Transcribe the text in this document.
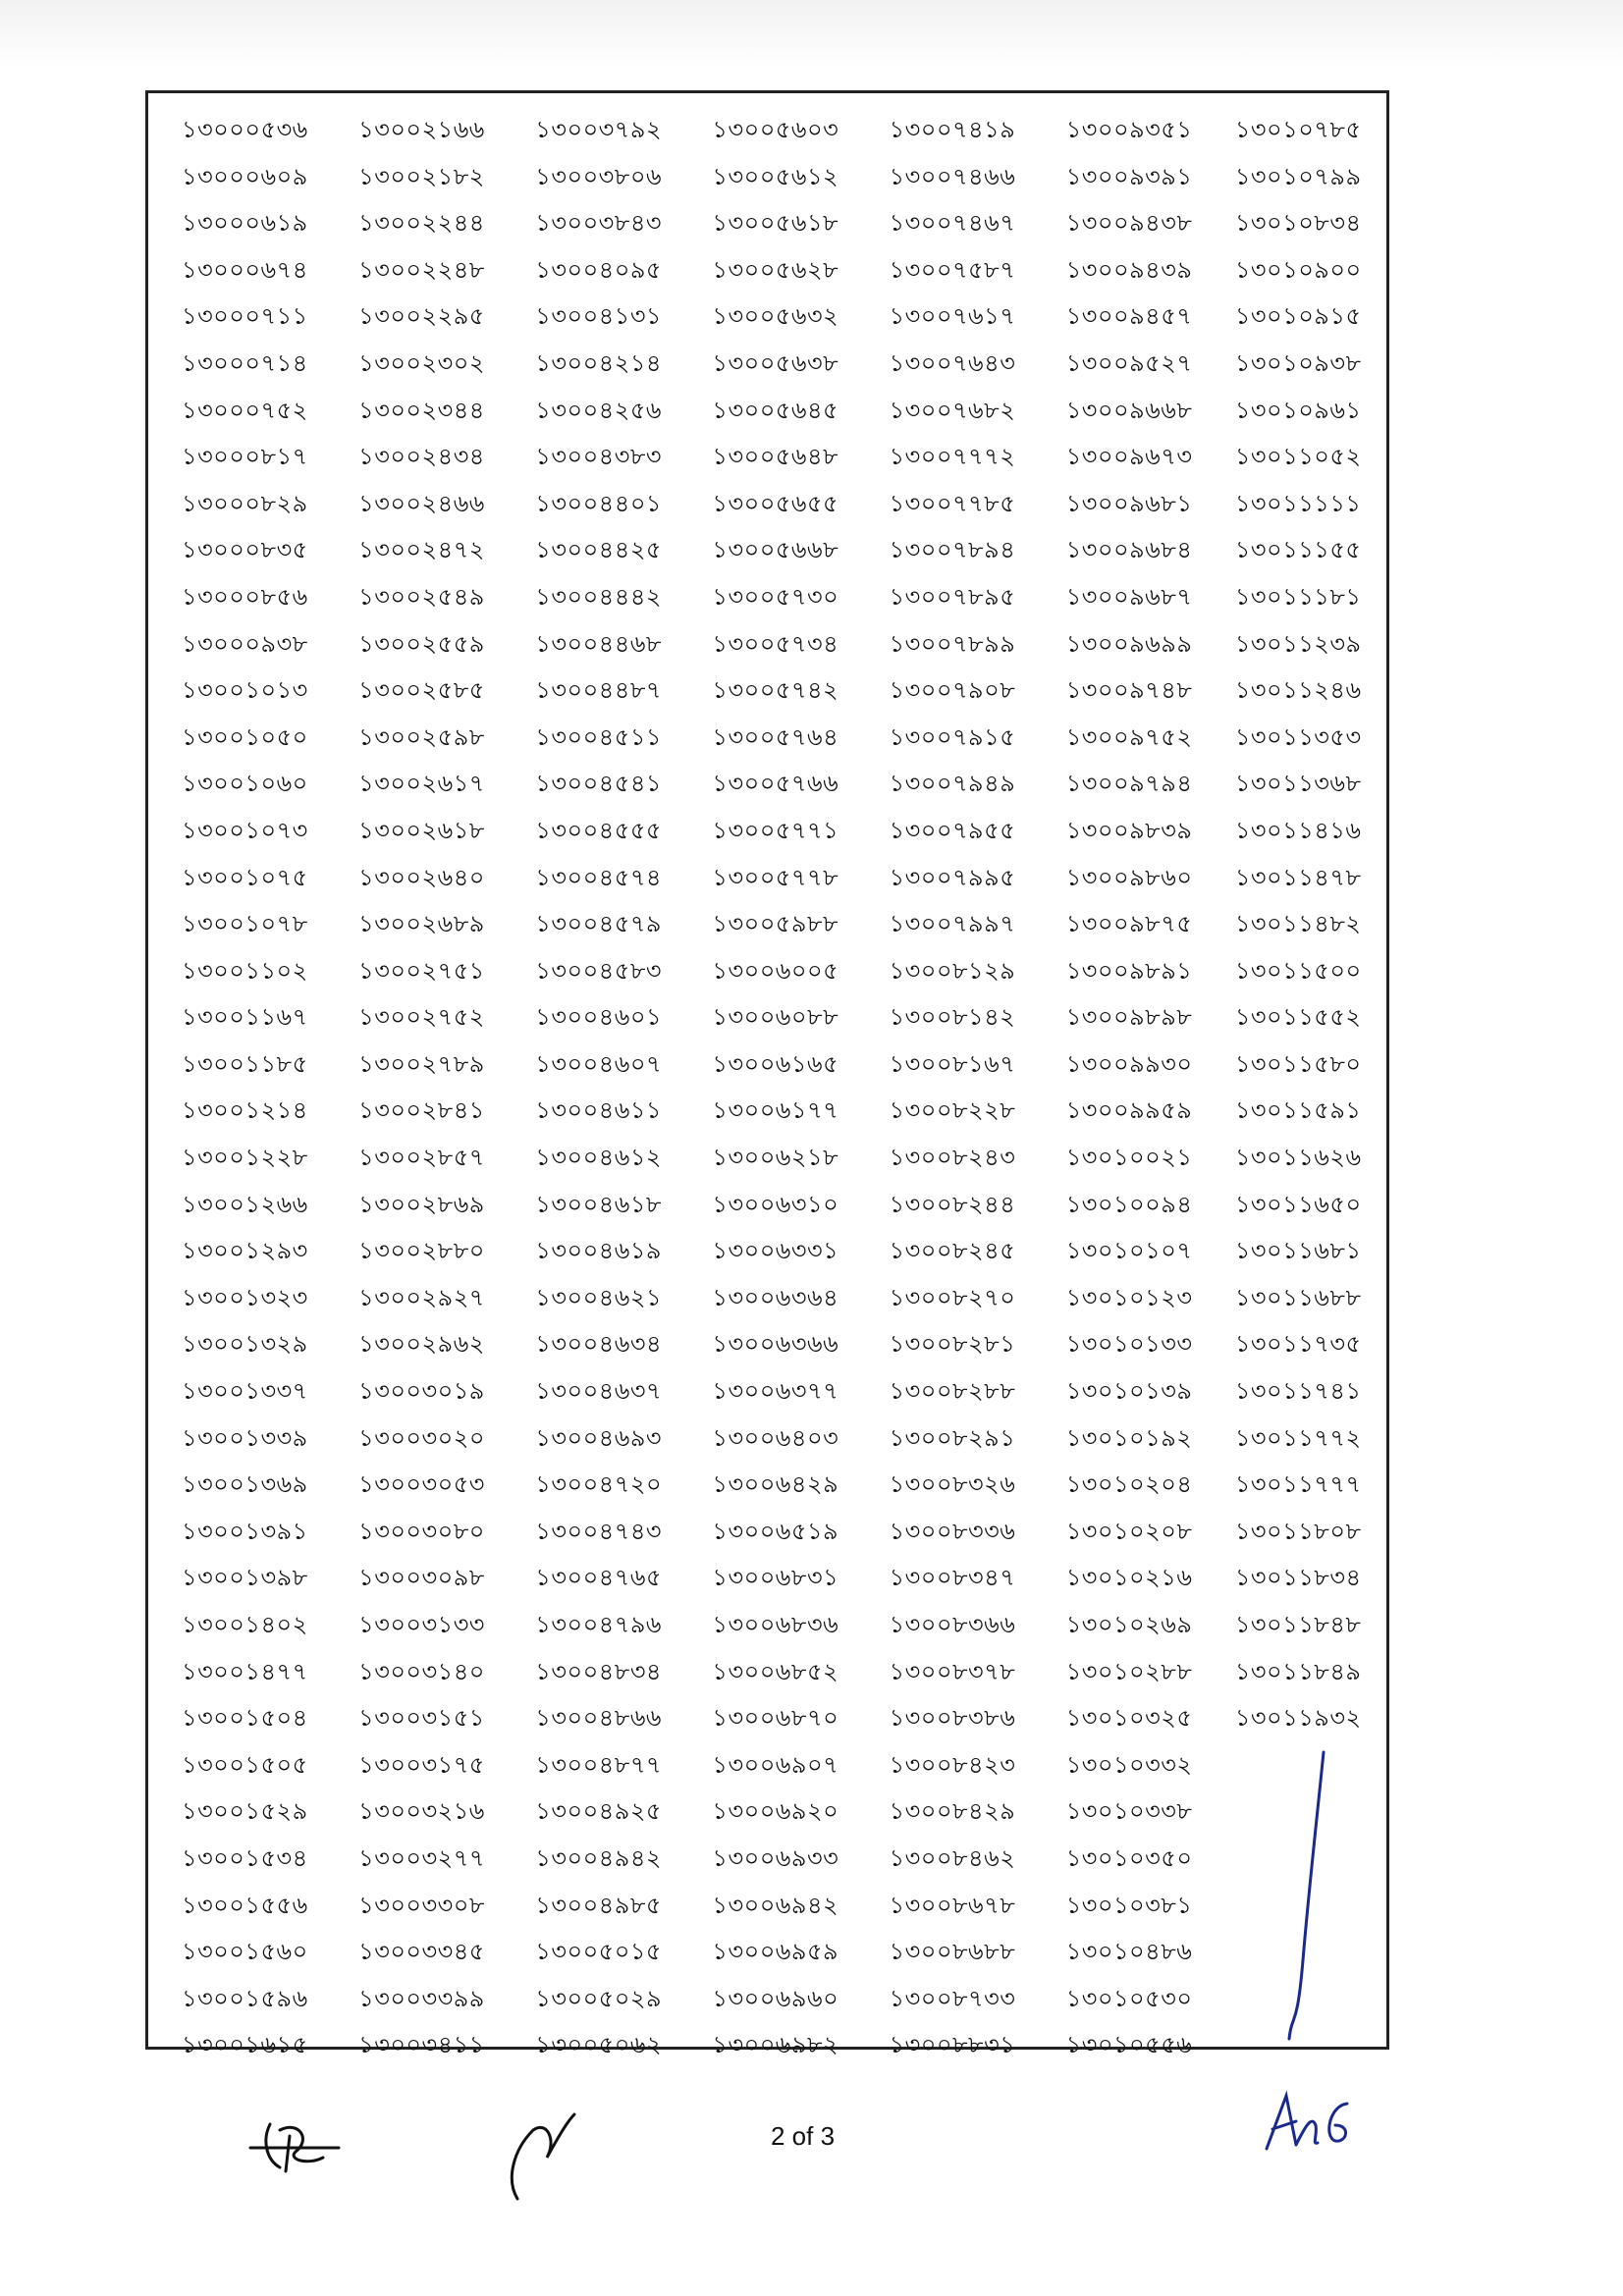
১৩০০০৫৩৬	১৩০০২১৬৬	১৩০০৩৭৯২	১৩০০৫৬০৩	১৩০০৭৪১৯	১৩০০৯৩৫১	১৩০১০৭৮৫
১৩০০০৬০৯	১৩০০২১৮২	১৩০০৩৮০৬	১৩০০৫৬১২	১৩০০৭৪৬৬	১৩০০৯৩৯১	১৩০১০৭৯৯
১৩০০০৬১৯	১৩০০২২৪৪	১৩০০৩৮৪৩	১৩০০৫৬১৮	১৩০০৭৪৬৭	১৩০০৯৪৩৮	১৩০১০৮৩৪
১৩০০০৬৭৪	১৩০০২২৪৮	১৩০০৪০৯৫	১৩০০৫৬২৮	১৩০০৭৫৮৭	১৩০০৯৪৩৯	১৩০১০৯০০
১৩০০০৭১১	১৩০০২২৯৫	১৩০০৪১৩১	১৩০০৫৬৩২	১৩০০৭৬১৭	১৩০০৯৪৫৭	১৩০১০৯১৫
১৩০০০৭১৪	১৩০০২৩০২	১৩০০৪২১৪	১৩০০৫৬৩৮	১৩০০৭৬৪৩	১৩০০৯৫২৭	১৩০১০৯৩৮
১৩০০০৭৫২	১৩০০২৩৪৪	১৩০০৪২৫৬	১৩০০৫৬৪৫	১৩০০৭৬৮২	১৩০০৯৬৬৮	১৩০১০৯৬১
১৩০০০৮১৭	১৩০০২৪৩৪	১৩০০৪৩৮৩	১৩০০৫৬৪৮	১৩০০৭৭৭২	১৩০০৯৬৭৩	১৩০১১০৫২
১৩০০০৮২৯	১৩০০২৪৬৬	১৩০০৪৪০১	১৩০০৫৬৫৫	১৩০০৭৭৮৫	১৩০০৯৬৮১	১৩০১১১১১
১৩০০০৮৩৫	১৩০০২৪৭২	১৩০০৪৪২৫	১৩০০৫৬৬৮	১৩০০৭৮৯৪	১৩০০৯৬৮৪	১৩০১১১৫৫
১৩০০০৮৫৬	১৩০০২৫৪৯	১৩০০৪৪৪২	১৩০০৫৭৩০	১৩০০৭৮৯৫	১৩০০৯৬৮৭	১৩০১১১৮১
১৩০০০৯৩৮	১৩০০২৫৫৯	১৩০০৪৪৬৮	১৩০০৫৭৩৪	১৩০০৭৮৯৯	১৩০০৯৬৯৯	১৩০১১২৩৯
১৩০০১০১৩	১৩০০২৫৮৫	১৩০০৪৪৮৭	১৩০০৫৭৪২	১৩০০৭৯০৮	১৩০০৯৭৪৮	১৩০১১২৪৬
১৩০০১০৫০	১৩০০২৫৯৮	১৩০০৪৫১১	১৩০০৫৭৬৪	১৩০০৭৯১৫	১৩০০৯৭৫২	১৩০১১৩৫৩
১৩০০১০৬০	১৩০০২৬১৭	১৩০০৪৫৪১	১৩০০৫৭৬৬	১৩০০৭৯৪৯	১৩০০৯৭৯৪	১৩০১১৩৬৮
১৩০০১০৭৩	১৩০০২৬১৮	১৩০০৪৫৫৫	১৩০০৫৭৭১	১৩০০৭৯৫৫	১৩০০৯৮৩৯	১৩০১১৪১৬
১৩০০১০৭৫	১৩০০২৬৪০	১৩০০৪৫৭৪	১৩০০৫৭৭৮	১৩০০৭৯৯৫	১৩০০৯৮৬০	১৩০১১৪৭৮
১৩০০১০৭৮	১৩০০২৬৮৯	১৩০০৪৫৭৯	১৩০০৫৯৮৮	১৩০০৭৯৯৭	১৩০০৯৮৭৫	১৩০১১৪৮২
১৩০০১১০২	১৩০০২৭৫১	১৩০০৪৫৮৩	১৩০০৬০০৫	১৩০০৮১২৯	১৩০০৯৮৯১	১৩০১১৫০০
১৩০০১১৬৭	১৩০০২৭৫২	১৩০০৪৬০১	১৩০০৬০৮৮	১৩০০৮১৪২	১৩০০৯৮৯৮	১৩০১১৫৫২
১৩০০১১৮৫	১৩০০২৭৮৯	১৩০০৪৬০৭	১৩০০৬১৬৫	১৩০০৮১৬৭	১৩০০৯৯৩০	১৩০১১৫৮০
১৩০০১২১৪	১৩০০২৮৪১	১৩০০৪৬১১	১৩০০৬১৭৭	১৩০০৮২২৮	১৩০০৯৯৫৯	১৩০১১৫৯১
১৩০০১২২৮	১৩০০২৮৫৭	১৩০০৪৬১২	১৩০০৬২১৮	১৩০০৮২৪৩	১৩০১০০২১	১৩০১১৬২৬
১৩০০১২৬৬	১৩০০২৮৬৯	১৩০০৪৬১৮	১৩০০৬৩১০	১৩০০৮২৪৪	১৩০১০০৯৪	১৩০১১৬৫০
১৩০০১২৯৩	১৩০০২৮৮০	১৩০০৪৬১৯	১৩০০৬৩৩১	১৩০০৮২৪৫	১৩০১০১০৭	১৩০১১৬৮১
১৩০০১৩২৩	১৩০০২৯২৭	১৩০০৪৬২১	১৩০০৬৩৬৪	১৩০০৮২৭০	১৩০১০১২৩	১৩০১১৬৮৮
১৩০০১৩২৯	১৩০০২৯৬২	১৩০০৪৬৩৪	১৩০০৬৩৬৬	১৩০০৮২৮১	১৩০১০১৩৩	১৩০১১৭৩৫
১৩০০১৩৩৭	১৩০০৩০১৯	১৩০০৪৬৩৭	১৩০০৬৩৭৭	১৩০০৮২৮৮	১৩০১০১৩৯	১৩০১১৭৪১
১৩০০১৩৩৯	১৩০০৩০২০	১৩০০৪৬৯৩	১৩০০৬৪০৩	১৩০০৮২৯১	১৩০১০১৯২	১৩০১১৭৭২
১৩০০১৩৬৯	১৩০০৩০৫৩	১৩০০৪৭২০	১৩০০৬৪২৯	১৩০০৮৩২৬	১৩০১০২০৪	১৩০১১৭৭৭
১৩০০১৩৯১	১৩০০৩০৮০	১৩০০৪৭৪৩	১৩০০৬৫১৯	১৩০০৮৩৩৬	১৩০১০২০৮	১৩০১১৮০৮
১৩০০১৩৯৮	১৩০০৩০৯৮	১৩০০৪৭৬৫	১৩০০৬৮৩১	১৩০০৮৩৪৭	১৩০১০২১৬	১৩০১১৮৩৪
১৩০০১৪০২	১৩০০৩১৩৩	১৩০০৪৭৯৬	১৩০০৬৮৩৬	১৩০০৮৩৬৬	১৩০১০২৬৯	১৩০১১৮৪৮
১৩০০১৪৭৭	১৩০০৩১৪০	১৩০০৪৮৩৪	১৩০০৬৮৫২	১৩০০৮৩৭৮	১৩০১০২৮৮	১৩০১১৮৪৯
১৩০০১৫০৪	১৩০০৩১৫১	১৩০০৪৮৬৬	১৩০০৬৮৭০	১৩০০৮৩৮৬	১৩০১০৩২৫	১৩০১১৯৩২
১৩০০১৫০৫	১৩০০৩১৭৫	১৩০০৪৮৭৭	১৩০০৬৯০৭	১৩০০৮৪২৩	১৩০১০৩৩২
১৩০০১৫২৯	১৩০০৩২১৬	১৩০০৪৯২৫	১৩০০৬৯২০	১৩০০৮৪২৯	১৩০১০৩৩৮
১৩০০১৫৩৪	১৩০০৩২৭৭	১৩০০৪৯৪২	১৩০০৬৯৩৩	১৩০০৮৪৬২	১৩০১০৩৫০
১৩০০১৫৫৬	১৩০০৩৩০৮	১৩০০৪৯৮৫	১৩০০৬৯৪২	১৩০০৮৬৭৮	১৩০১০৩৮১
১৩০০১৫৬০	১৩০০৩৩৪৫	১৩০০৫০১৫	১৩০০৬৯৫৯	১৩০০৮৬৮৮	১৩০১০৪৮৬
১৩০০১৫৯৬	১৩০০৩৩৯৯	১৩০০৫০২৯	১৩০০৬৯৬০	১৩০০৮৭৩৩	১৩০১০৫৩০
১৩০০১৬১৫	১৩০০৩৪১১	১৩০০৫০৬২	১৩০০৬৯৮২	১৩০০৮৮৩১	১৩০১০৫৫৬
2 of 3
